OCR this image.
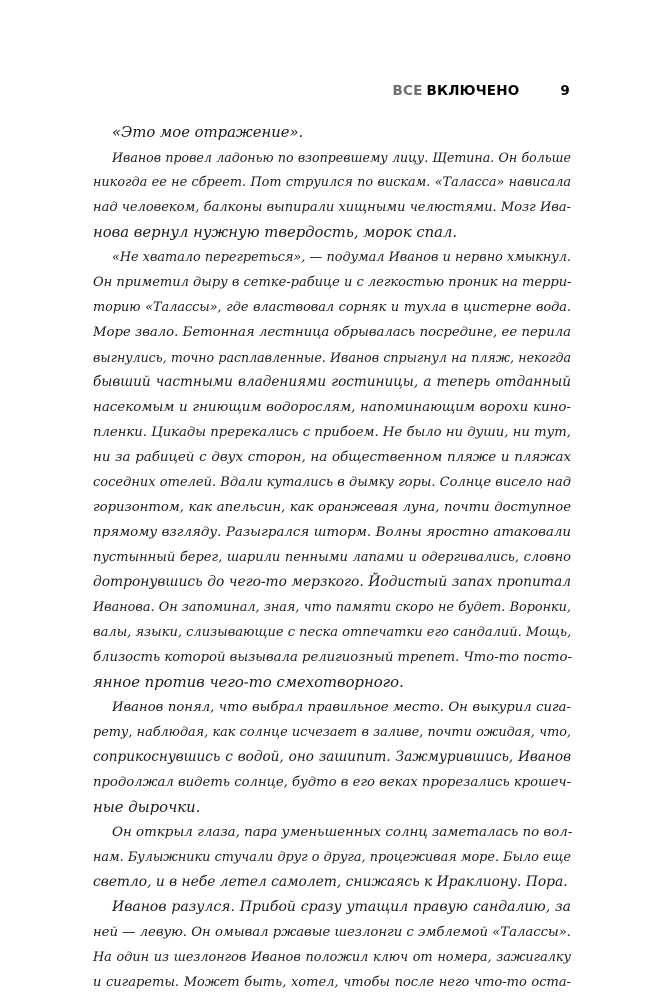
ВСЕ ВКЛЮЧЕНО	9
«Это мое отражение».
Иванов провел ладонью по взопревшему лицу. Щетина. Он больше
никогда ее не сбреет. Пот струился по вискам. «Таласса» нависала
над человеком, балконы выпирали хищными челюстями. Мозг Ива-
нова вернул нужную твердость, морок спал.
«Не хватало перегреться», — подумал Иванов и нервно хмыкнул.
Он приметил дыру в сетке-рабице и с легкостью проник на терри-
торию «Талассы», где властвовал сорняк и тухла в цистерне вода.
Море звало. Бетонная лестница обрывалась посредине, ее перила
выгнулись, точно расплавленные. Иванов спрыгнул на пляж, некогда
бывший частными владениями гостиницы, а теперь отданный
насекомым и гниющим водорослям, напоминающим ворохи кино-
пленки. Цикады пререкались с прибоем. Не было ни души, ни тут,
ни за рабицей с двух сторон, на общественном пляже и пляжах
соседних отелей. Вдали кутались в дымку горы. Солнце висело над
горизонтом, как апельсин, как оранжевая луна, почти доступное
прямому взгляду. Разыгрался шторм. Волны яростно атаковали
пустынный берег, шарили пенными лапами и одергивались, словно
дотронувшись до чего-то мерзкого. Йодистый запах пропитал
Иванова. Он запоминал, зная, что памяти скоро не будет. Воронки,
валы, языки, слизывающие с песка отпечатки его сандалий. Мощь,
близость которой вызывала религиозный трепет. Что-то посто-
янное против чего-то смехотворного.
Иванов понял, что выбрал правильное место. Он выкурил сига-
рету, наблюдая, как солнце исчезает в заливе, почти ожидая, что,
соприкоснувшись с водой, оно зашипит. Зажмурившись, Иванов
продолжал видеть солнце, будто в его веках прорезались крошеч-
ные дырочки.
Он открыл глаза, пара уменьшенных солнц заметалась по вол-
нам. Булыжники стучали друг о друга, процеживая море. Было еще
светло, и в небе летел самолет, снижаясь к Ираклиону. Пора.
Иванов разулся. Прибой сразу утащил правую сандалию, за
ней — левую. Он омывал ржавые шезлонги с эмблемой «Талассы».
На один из шезлонгов Иванов положил ключ от номера, зажигалку
и сигареты. Может быть, хотел, чтобы после него что-то оста-
